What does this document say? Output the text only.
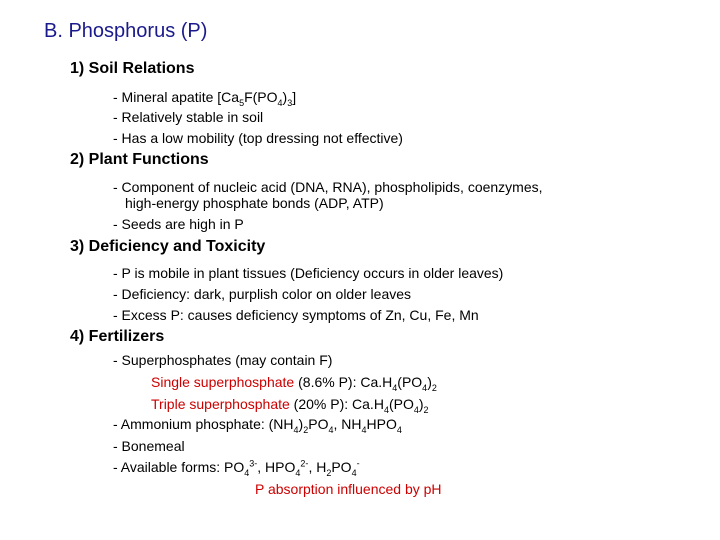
B. Phosphorus (P)
1) Soil Relations
- Mineral apatite $[Ca_5F(PO_4)_3]$
- Relatively stable in soil
- Has a low mobility (top dressing not effective)
2) Plant Functions
- Component of nucleic acid (DNA, RNA), phospholipids, coenzymes,
high-energy phosphate bonds (ADP, ATP)
- Seeds are high in P
3) Deficiency and Toxicity
- P is mobile in plant tissues (Deficiency occurs in older leaves)
- Deficiency: dark, purplish color on older leaves
- Excess P: causes deficiency symptoms of Zn, Cu, Fe, Mn
4) Fertilizers
- Superphosphates (may contain F)
Single superphosphate (8.6% P): $Ca.H_4(PO_4)_2$
Triple superphosphate (20% P): $Ca.H_4(PO_4)_2$
- Ammonium phosphate: $(NH_4)_2PO_4$, $NH_4HPO_4$
- Bonemeal
- Available forms: $PO_4^{3-}$, $HPO_4^{2-}$, $H_2PO_4^-$
P absorption influenced by pH
